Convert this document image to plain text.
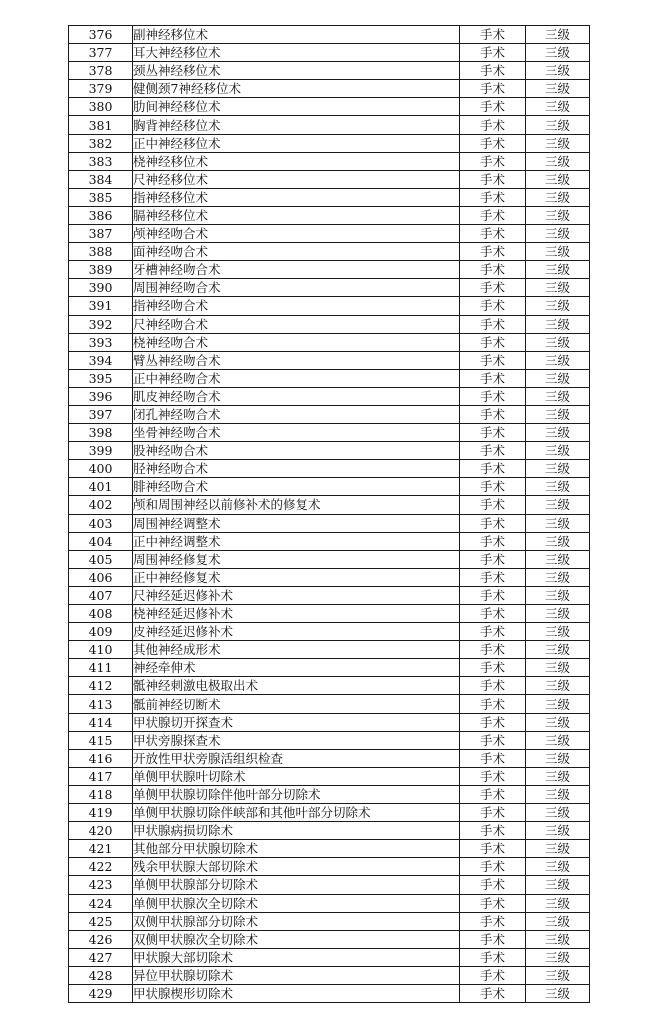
376	副神经移位术	手术	三级
377	耳大神经移位术	手术	三级
378	颈丛神经移位术	手术	三级
379	健侧颈7神经移位术	手术	三级
380	肋间神经移位术	手术	三级
381	胸背神经移位术	手术	三级
382	正中神经移位术	手术	三级
383	桡神经移位术	手术	三级
384	尺神经移位术	手术	三级
385	指神经移位术	手术	三级
386	膈神经移位术	手术	三级
387	颅神经吻合术	手术	三级
388	面神经吻合术	手术	三级
389	牙槽神经吻合术	手术	三级
390	周围神经吻合术	手术	三级
391	指神经吻合术	手术	三级
392	尺神经吻合术	手术	三级
393	桡神经吻合术	手术	三级
394	臂丛神经吻合术	手术	三级
395	正中神经吻合术	手术	三级
396	肌皮神经吻合术	手术	三级
397	闭孔神经吻合术	手术	三级
398	坐骨神经吻合术	手术	三级
399	股神经吻合术	手术	三级
400	胫神经吻合术	手术	三级
401	腓神经吻合术	手术	三级
402	颅和周围神经以前修补术的修复术	手术	三级
403	周围神经调整术	手术	三级
404	正中神经调整术	手术	三级
405	周围神经修复术	手术	三级
406	正中神经修复术	手术	三级
407	尺神经延迟修补术	手术	三级
408	桡神经延迟修补术	手术	三级
409	皮神经延迟修补术	手术	三级
410	其他神经成形术	手术	三级
411	神经牵伸术	手术	三级
412	骶神经刺激电极取出术	手术	三级
413	骶前神经切断术	手术	三级
414	甲状腺切开探查术	手术	三级
415	甲状旁腺探查术	手术	三级
416	开放性甲状旁腺活组织检查	手术	三级
417	单侧甲状腺叶切除术	手术	三级
418	单侧甲状腺切除伴他叶部分切除术	手术	三级
419	单侧甲状腺切除伴峡部和其他叶部分切除术	手术	三级
420	甲状腺病损切除术	手术	三级
421	其他部分甲状腺切除术	手术	三级
422	残余甲状腺大部切除术	手术	三级
423	单侧甲状腺部分切除术	手术	三级
424	单侧甲状腺次全切除术	手术	三级
425	双侧甲状腺部分切除术	手术	三级
426	双侧甲状腺次全切除术	手术	三级
427	甲状腺大部切除术	手术	三级
428	异位甲状腺切除术	手术	三级
429	甲状腺楔形切除术	手术	三级
